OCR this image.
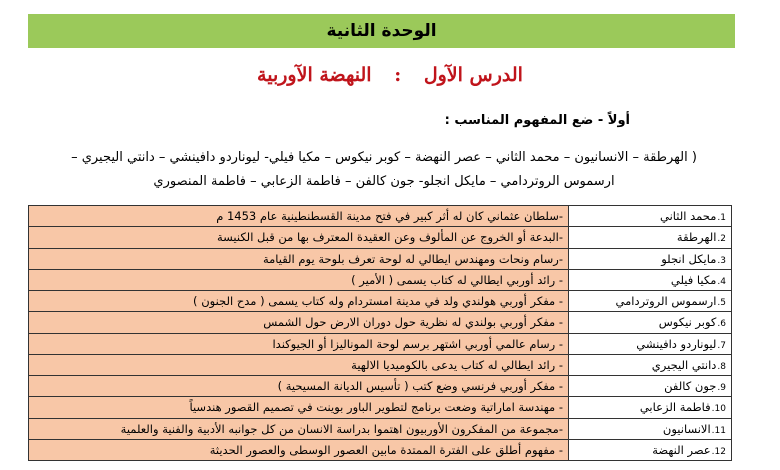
الوحدة الثانية
الدرس الآول : النهضة الآوربية
أولاً - ضع المفهوم المناسب :
( الهرطقة – الانسانيون – محمد الثاني – عصر النهضة – كوبر نيكوس – مكيا فيلي- ليوناردو دافينشي – دانتي اليجيري –
ارسموس الروتردامي – مايكل انجلو- جون كالفن – فاطمة الزعابي – فاطمة المنصوري
1.محمد الثاني	-سلطان عثماني كان له أثر كبير في فتح مدينة القسطنطينية عام 1453 م
2.الهرطقة	-البدعة أو الخروج عن المألوف وعن العقيدة المعترف بها من قبل الكنيسة
3.مايكل انجلو	-رسام ونحات ومهندس ايطالي له لوحة تعرف بلوحة يوم القيامة
4.مكيا فيلي	- رائد أوربي ايطالي له كتاب يسمى ( الأمير )
5.ارسموس الروتردامي	- مفكر أوربي هولندي ولد في مدينة امستردام وله كتاب يسمى ( مدح الجنون )
6.كوبر نيكوس	- مفكر أوربي بولندي له نظرية حول دوران الارض حول الشمس
7.ليوناردو دافينشي	- رسام عالمي أوربي اشتهر برسم لوحة الموناليزا أو الجيوكندا
8.دانتي اليجيري	- رائد ايطالي له كتاب يدعى بالكوميديا الالهية
9.جون كالفن	- مفكر أوربي فرنسي وضع كتب ( تأسيس الديانة المسيحية )
10.فاطمة الزعابي	- مهندسة اماراتية وضعت برنامج لتطوير الباور بوينت في تصميم القصور هندسياً
11.الانسانيون	-مجموعة من المفكرون الأوربيون اهتموا بدراسة الانسان من كل جوانبه الأدبية والفنية والعلمية
12.عصر النهضة	- مفهوم أطلق على الفترة الممتدة مابين العصور الوسطى والعصور الحديثة
